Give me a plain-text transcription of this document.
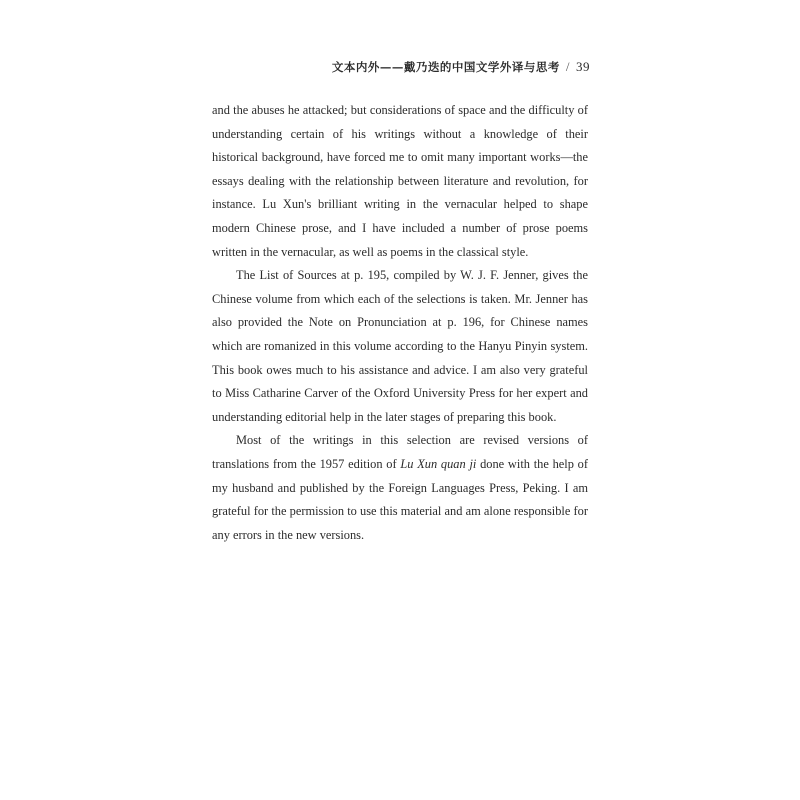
文本内外——戴乃迭的中国文学外译与思考 / 39

and the abuses he attacked; but considerations of space and the difficulty of understanding certain of his writings without a knowledge of their historical background, have forced me to omit many important works—the essays dealing with the relationship between literature and revolution, for instance. Lu Xun's brilliant writing in the vernacular helped to shape modern Chinese prose, and I have included a number of prose poems written in the vernacular, as well as poems in the classical style.

The List of Sources at p. 195, compiled by W. J. F. Jenner, gives the Chinese volume from which each of the selections is taken. Mr. Jenner has also provided the Note on Pronunciation at p. 196, for Chinese names which are romanized in this volume according to the Hanyu Pinyin system. This book owes much to his assistance and advice. I am also very grateful to Miss Catharine Carver of the Oxford University Press for her expert and understanding editorial help in the later stages of preparing this book.

Most of the writings in this selection are revised versions of translations from the 1957 edition of Lu Xun quan ji done with the help of my husband and published by the Foreign Languages Press, Peking. I am grateful for the permission to use this material and am alone responsible for any errors in the new versions.
